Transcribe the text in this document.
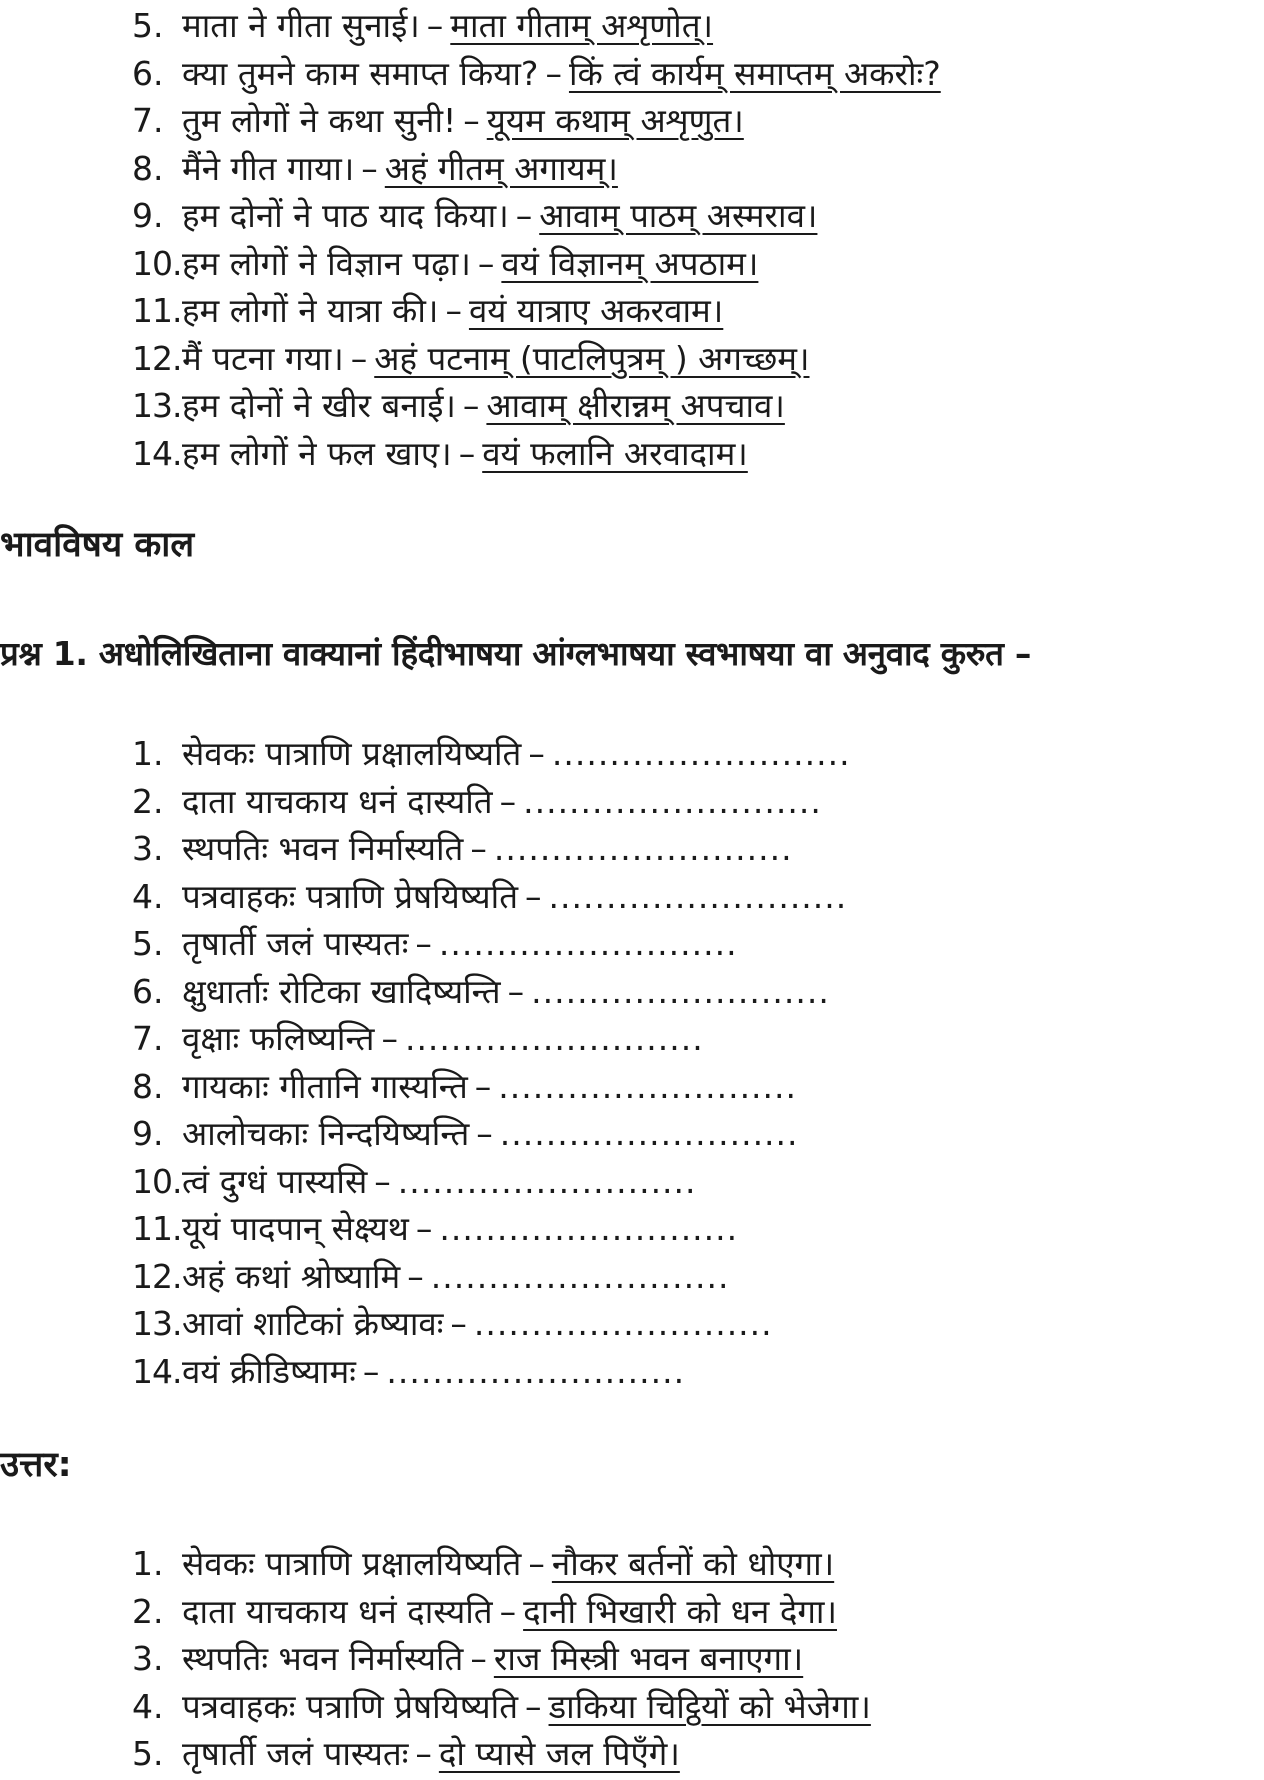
5. माता ने गीता सुनाई। – माता गीताम् अशृणोत्।
6. क्या तुमने काम समाप्त किया? – किं त्वं कार्यम् समाप्तम् अकरोः?
7. तुम लोगों ने कथा सुनी! – यूयम कथाम् अशृणुत।
8. मैंने गीत गाया। – अहं गीतम् अगायम्।
9. हम दोनों ने पाठ याद किया। – आवाम् पाठम् अस्मराव।
10. हम लोगों ने विज्ञान पढ़ा। – वयं विज्ञानम् अपठाम।
11. हम लोगों ने यात्रा की। – वयं यात्राए अकरवाम।
12. मैं पटना गया। – अहं पटनाम् (पाटलिपुत्रम् ) अगच्छम्।
13. हम दोनों ने खीर बनाई। – आवाम् क्षीरान्नम् अपचाव।
14. हम लोगों ने फल खाए। – वयं फलानि अरवादाम।
भावविषय काल
प्रश्न 1. अधोलिखिताना वाक्यानां हिंदीभाषया आंग्लभाषया स्वभाषया वा अनुवाद कुरुत –
1. सेवकः पात्राणि प्रक्षालयिष्यति – ..........................
2. दाता याचकाय धनं दास्यति – ..........................
3. स्थपतिः भवन निर्मास्यति – ..........................
4. पत्रवाहकः पत्राणि प्रेषयिष्यति – ..........................
5. तृषार्ती जलं पास्यतः – ..........................
6. क्षुधार्ताः रोटिका खादिष्यन्ति – ..........................
7. वृक्षाः फलिष्यन्ति – ..........................
8. गायकाः गीतानि गास्यन्ति – ..........................
9. आलोचकाः निन्दयिष्यन्ति – ..........................
10. त्वं दुग्धं पास्यसि – ..........................
11. यूयं पादपान् सेक्ष्यथ – ..........................
12. अहं कथां श्रोष्यामि – ..........................
13. आवां शाटिकां क्रेष्यावः – ..........................
14. वयं क्रीडिष्यामः – ..........................
उत्तर:
1. सेवकः पात्राणि प्रक्षालयिष्यति – नौकर बर्तनों को धोएगा।
2. दाता याचकाय धनं दास्यति – दानी भिखारी को धन देगा।
3. स्थपतिः भवन निर्मास्यति – राज मिस्त्री भवन बनाएगा।
4. पत्रवाहकः पत्राणि प्रेषयिष्यति – डाकिया चिट्ठियों को भेजेगा।
5. तृषार्ती जलं पास्यतः – दो प्यासे जल पिएँगे।
